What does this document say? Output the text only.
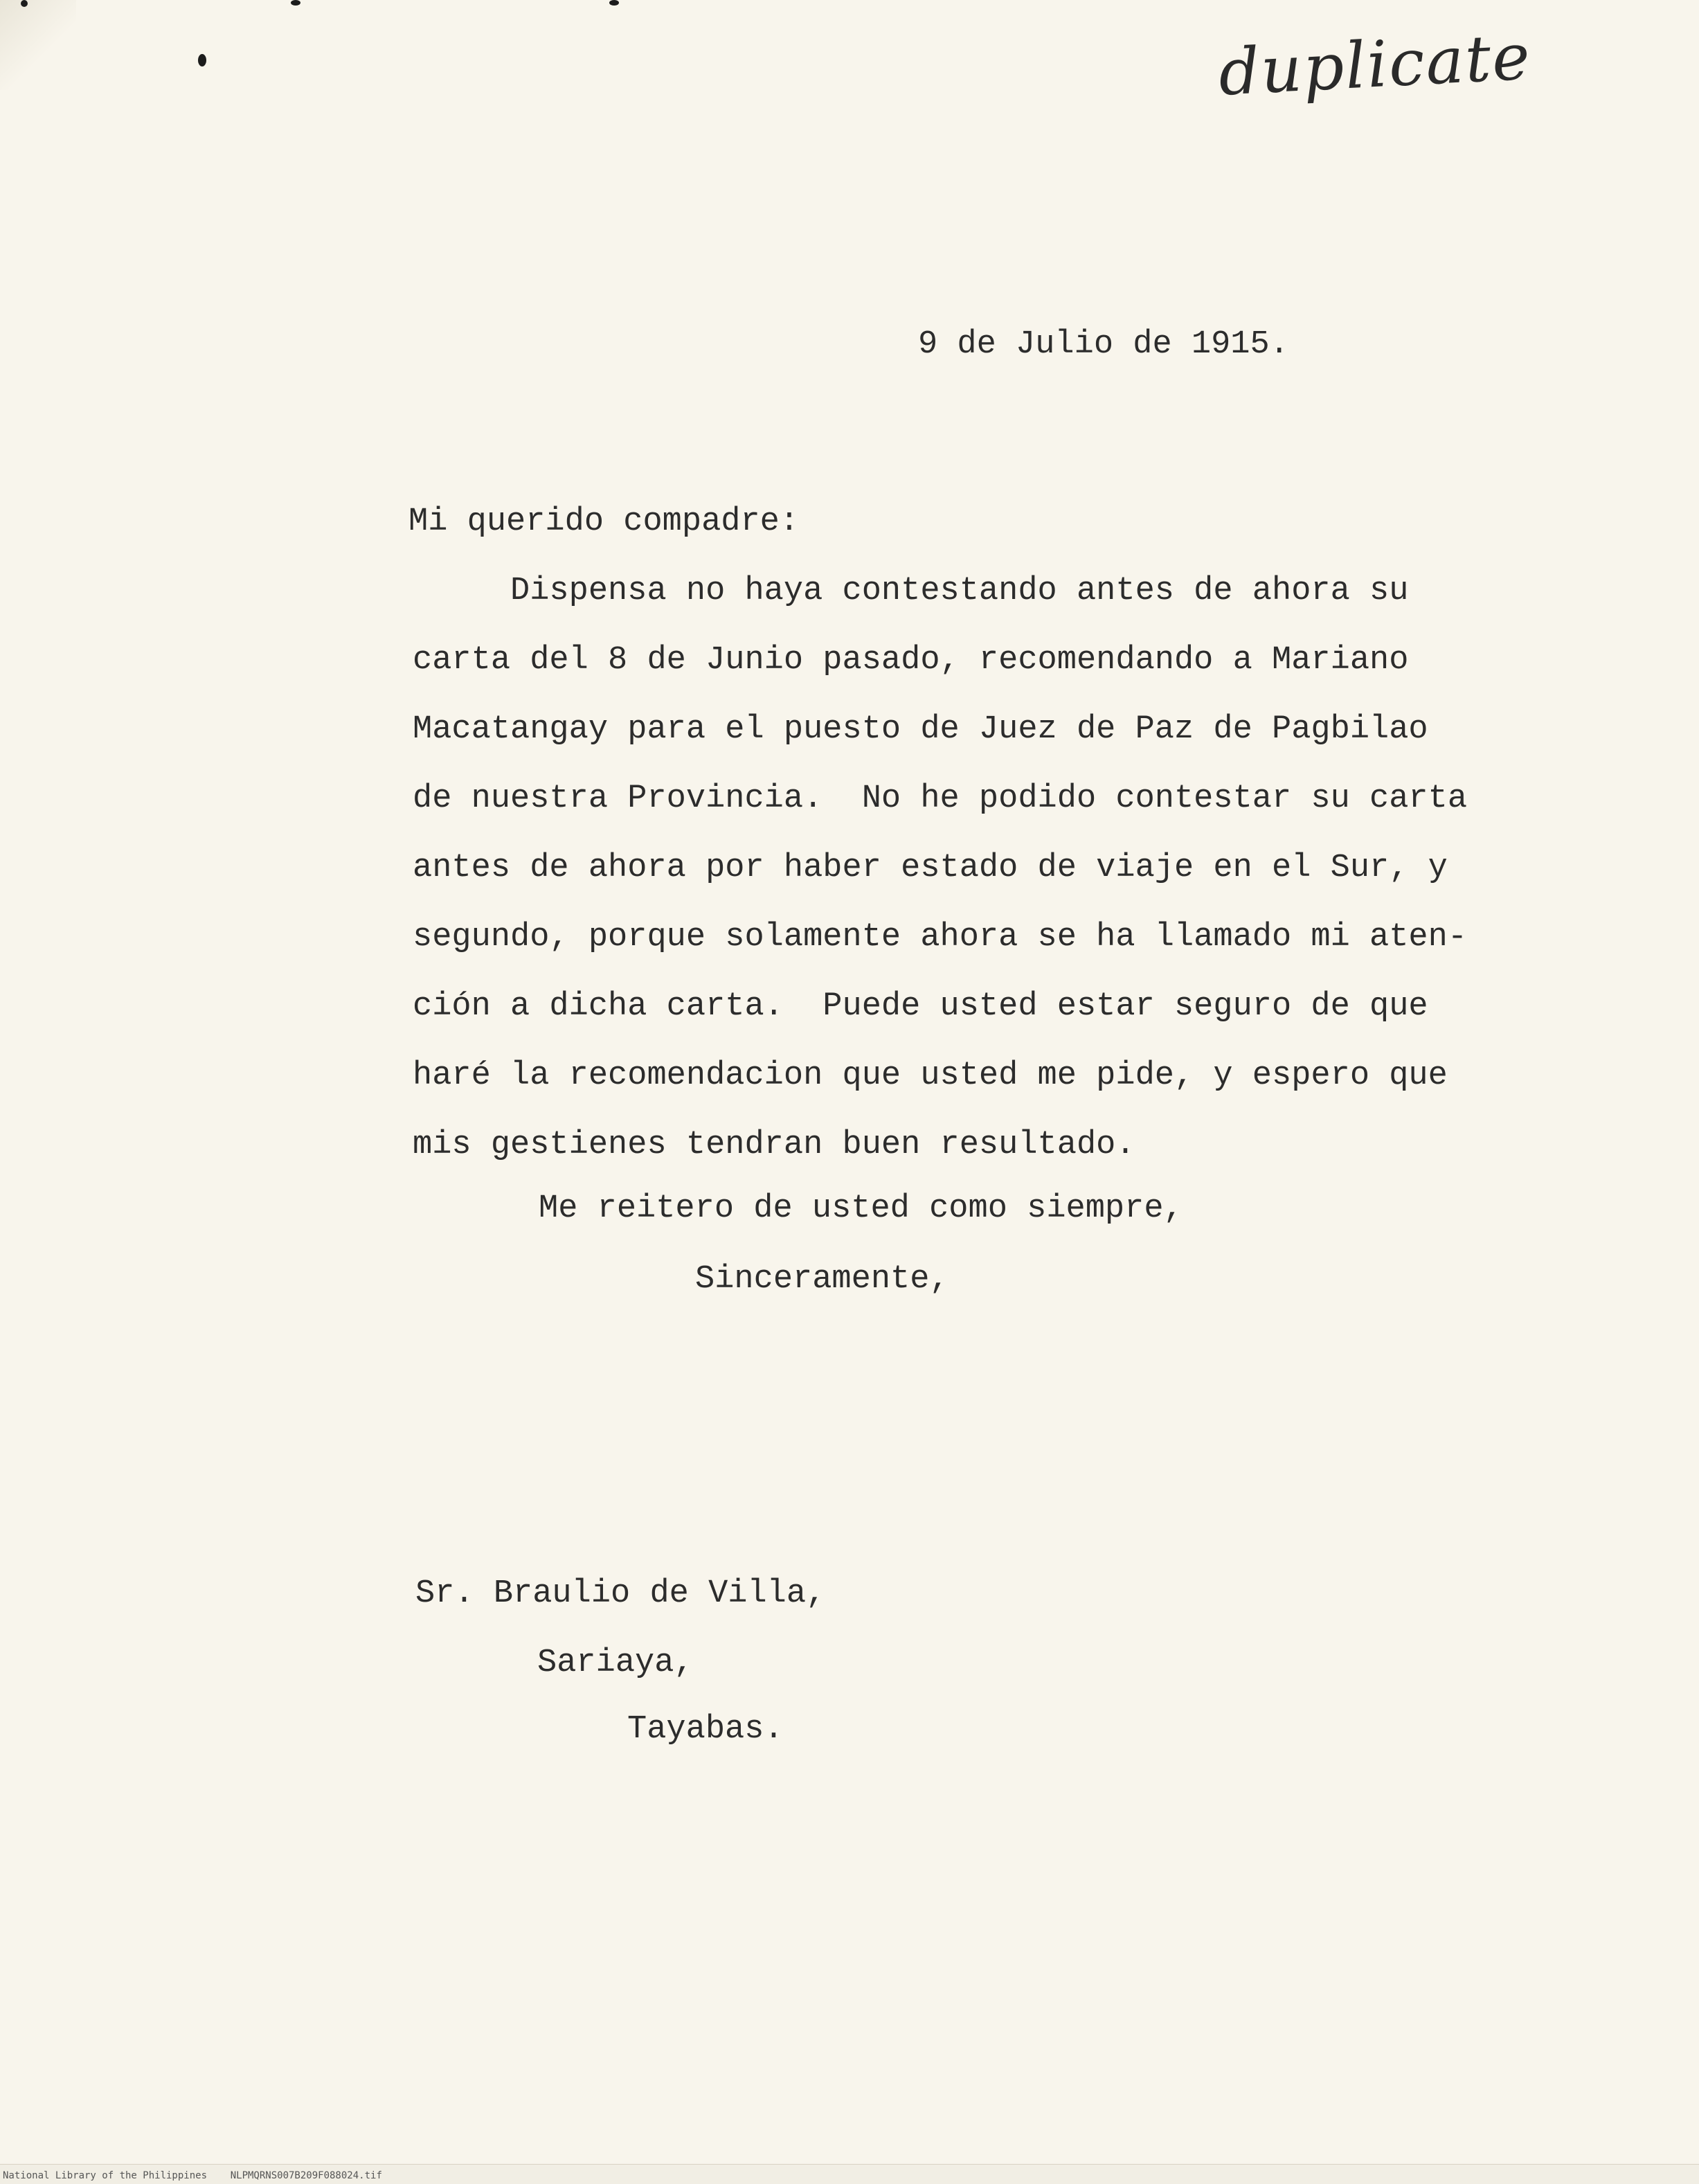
duplicate
9 de Julio de 1915.
Mi querido compadre:
Dispensa no haya contestando antes de ahora su
carta del 8 de Junio pasado, recomendando a Mariano
Macatangay para el puesto de Juez de Paz de Pagbilao
de nuestra Provincia.  No he podido contestar su carta
antes de ahora por haber estado de viaje en el Sur, y
segundo, porque solamente ahora se ha llamado mi aten-
ción a dicha carta.  Puede usted estar seguro de que
haré la recomendacion que usted me pide, y espero que
mis gestienes tendran buen resultado.
Me reitero de usted como siempre,
Sinceramente,
Sr. Braulio de Villa,
Sariaya,
Tayabas.
National Library of the Philippines    NLPMQRNS007B209F088024.tif
